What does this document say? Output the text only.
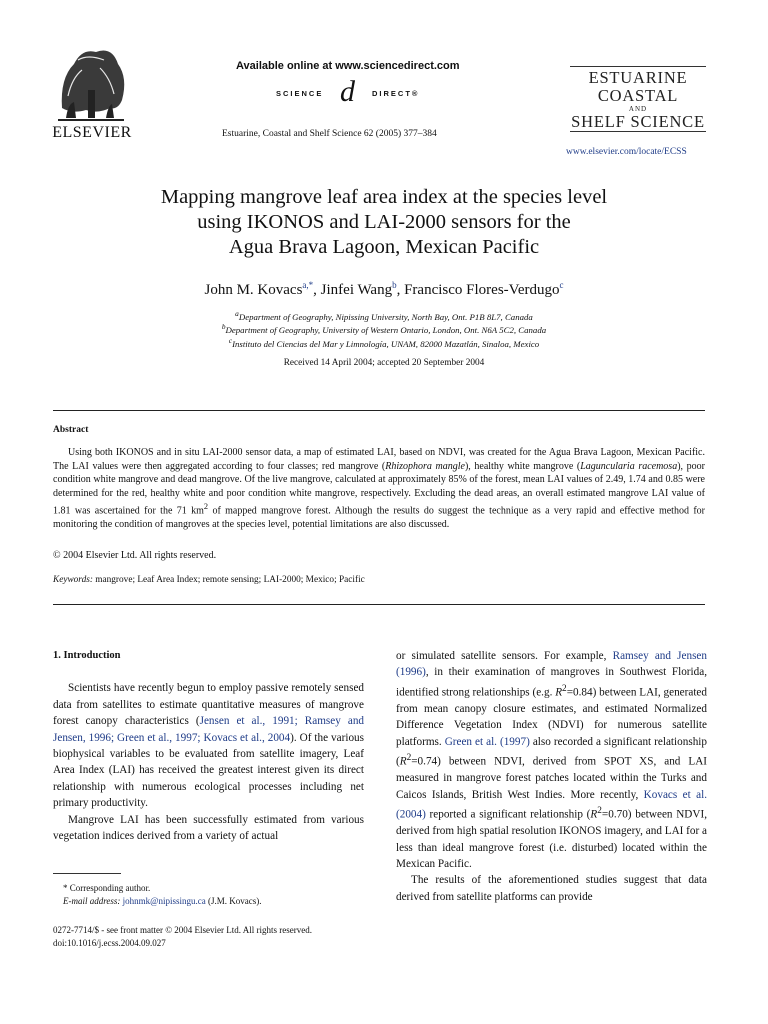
ELSEVIER
Available online at www.sciencedirect.com
SCIENCE d DIRECT®
Estuarine, Coastal and Shelf Science 62 (2005) 377–384
ESTUARINE
COASTAL
AND
SHELF SCIENCE
www.elsevier.com/locate/ECSS
Mapping mangrove leaf area index at the species level
using IKONOS and LAI-2000 sensors for the
Agua Brava Lagoon, Mexican Pacific
John M. Kovacs$^{a,*}$, Jinfei Wang$^b$, Francisco Flores-Verdugo$^c$
$^a$Department of Geography, Nipissing University, North Bay, Ont. P1B 8L7, Canada
$^b$Department of Geography, University of Western Ontario, London, Ont. N6A 5C2, Canada
$^c$Instituto del Ciencias del Mar y Limnología, UNAM, 82000 Mazatlán, Sinaloa, Mexico
Received 14 April 2004; accepted 20 September 2004
Abstract
Using both IKONOS and in situ LAI-2000 sensor data, a map of estimated LAI, based on NDVI, was created for the Agua Brava Lagoon, Mexican Pacific. The LAI values were then aggregated according to four classes; red mangrove (Rhizophora mangle), healthy white mangrove (Laguncularia racemosa), poor condition white mangrove and dead mangrove. Of the live mangrove, calculated at approximately 85% of the forest, mean LAI values of 2.49, 1.74 and 0.85 were determined for the red, healthy white and poor condition white mangrove, respectively. Excluding the dead areas, an overall estimated mangrove LAI value of 1.81 was ascertained for the 71 $km^2$ of mapped mangrove forest. Although the results do suggest the technique as a very rapid and effective method for monitoring the condition of mangroves at the species level, potential limitations are also discussed.
© 2004 Elsevier Ltd. All rights reserved.
Keywords: mangrove; Leaf Area Index; remote sensing; LAI-2000; Mexico; Pacific
1. Introduction

Scientists have recently begun to employ passive remotely sensed data from satellites to estimate quantitative measures of mangrove forest canopy characteristics (Jensen et al., 1991; Ramsey and Jensen, 1996; Green et al., 1997; Kovacs et al., 2004). Of the various biophysical variables to be evaluated from satellite imagery, Leaf Area Index (LAI) has received the greatest interest given its direct relationship with numerous ecological processes including net primary productivity.

Mangrove LAI has been successfully estimated from various vegetation indices derived from a variety of actual

or simulated satellite sensors. For example, Ramsey and Jensen (1996), in their examination of mangroves in Southwest Florida, identified strong relationships (e.g. $R^2=0.84$) between LAI, generated from mean canopy closure estimates, and estimated Normalized Difference Vegetation Index (NDVI) for numerous satellite platforms. Green et al. (1997) also recorded a significant relationship $(R^2=0.74)$ between NDVI, derived from SPOT XS, and LAI measured in mangrove forest patches located within the Turks and Caicos Islands, British West Indies. More recently, Kovacs et al. (2004) reported a significant relationship $(R^2=0.70)$ between NDVI, derived from high spatial resolution IKONOS imagery, and LAI for a less than ideal mangrove forest (i.e. disturbed) located within the Mexican Pacific.

The results of the aforementioned studies suggest that data derived from satellite platforms can provide

* Corresponding author.
E-mail address: johnmk@nipissingu.ca (J.M. Kovacs).
0272-7714/$ - see front matter © 2004 Elsevier Ltd. All rights reserved.
doi:10.1016/j.ecss.2004.09.027
